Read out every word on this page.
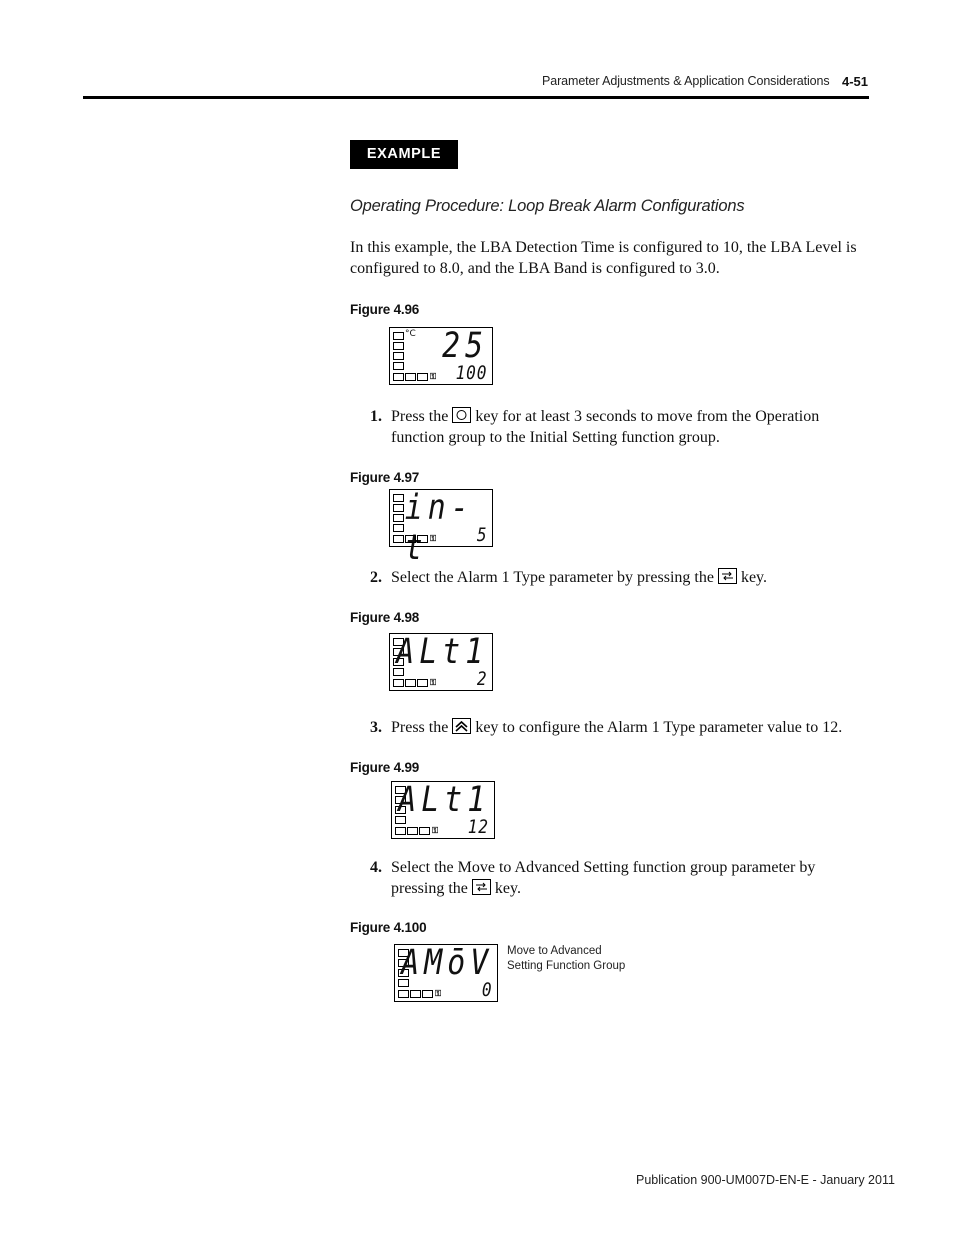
Parameter Adjustments & Application Considerations 4-51
EXAMPLE
Operating Procedure: Loop Break Alarm Configurations
In this example, the LBA Detection Time is configured to 10, the LBA Level is configured to 8.0, and the LBA Band is configured to 3.0.
Figure 4.96
°C 25
⚿ 100
1. Press the key for at least 3 seconds to move from the Operation function group to the Initial Setting function group.
Figure 4.97
in-t ⚿ 5
2. Select the Alarm 1 Type parameter by pressing the key.
Figure 4.98
ALt1
⚿ 2
3. Press the key to configure the Alarm 1 Type parameter value to 12.
Figure 4.99
ALt1
⚿ 12
4. Select the Move to Advanced Setting function group parameter by pressing the key.
Figure 4.100
AMōV
⚿ 0
Move to Advanced
Setting Function Group
Publication 900-UM007D-EN-E - January 2011
